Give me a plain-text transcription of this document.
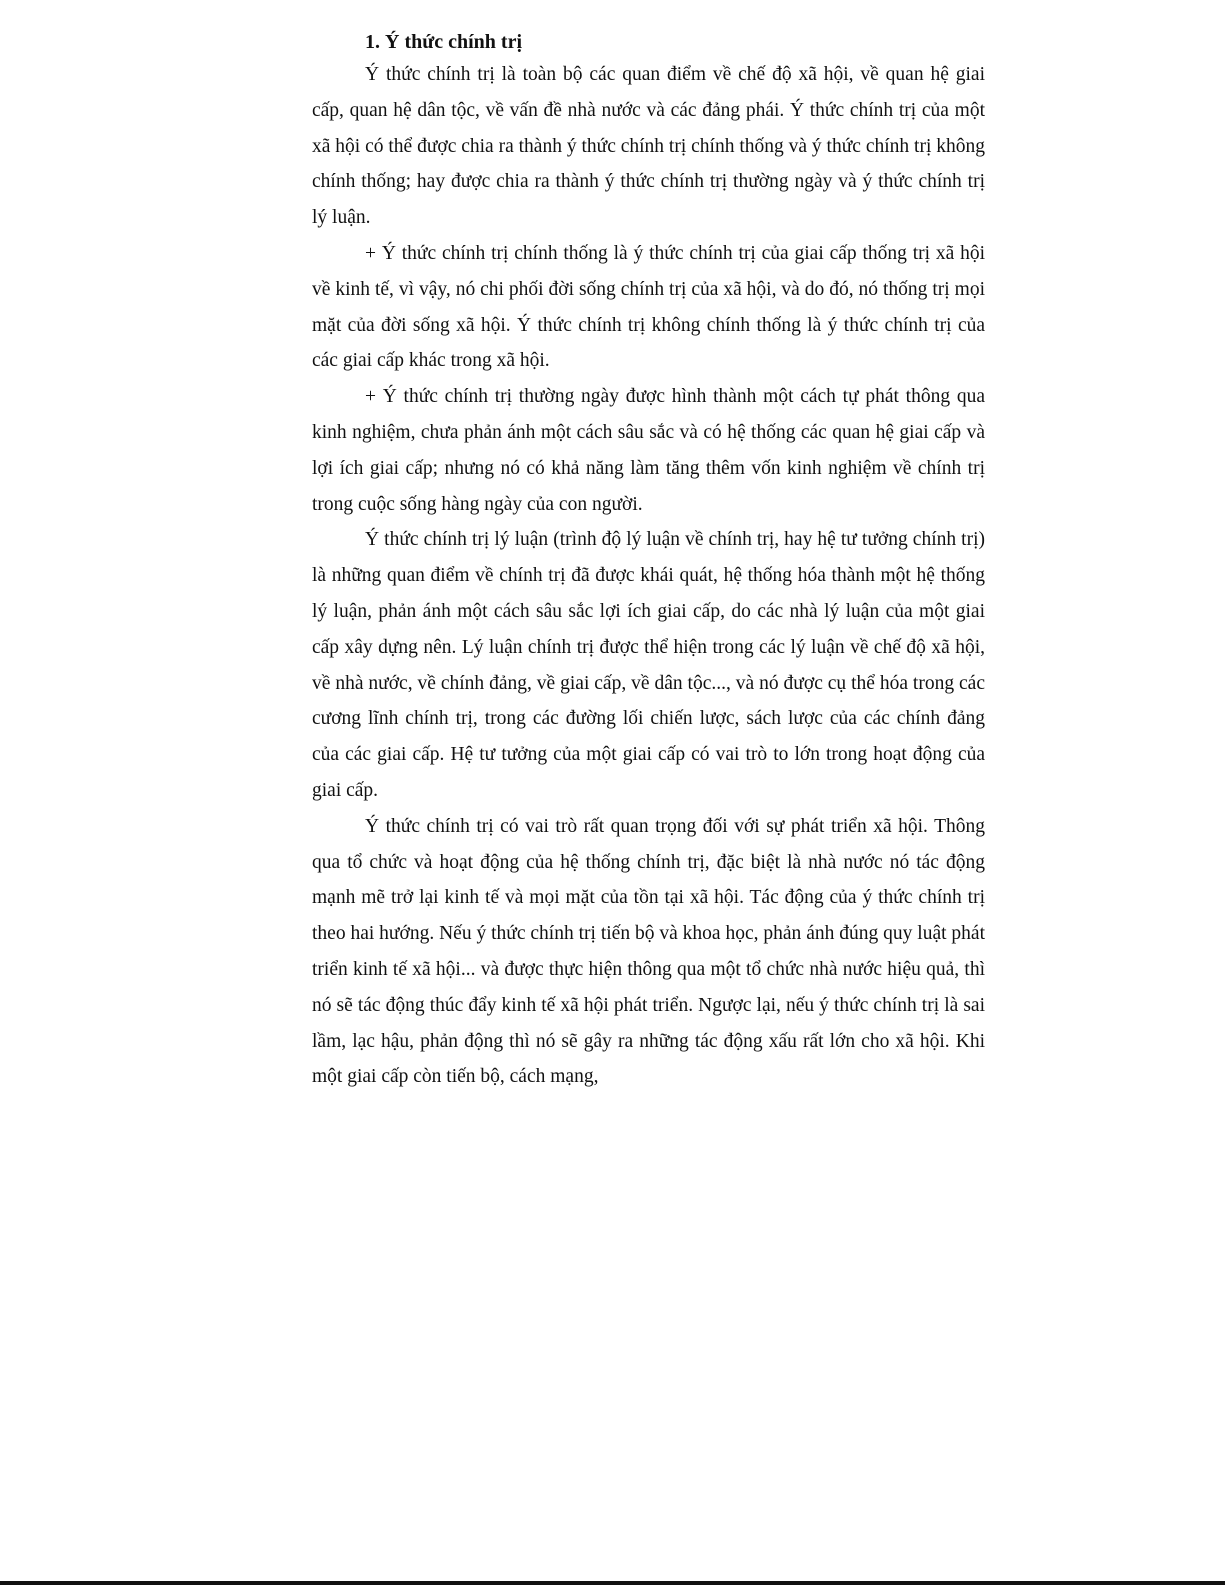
1. Ý thức chính trị

Ý thức chính trị là toàn bộ các quan điểm về chế độ xã hội, về quan hệ giai cấp, quan hệ dân tộc, về vấn đề nhà nước và các đảng phái. Ý thức chính trị của một xã hội có thể được chia ra thành ý thức chính trị chính thống và ý thức chính trị không chính thống; hay được chia ra thành ý thức chính trị thường ngày và ý thức chính trị lý luận.

+ Ý thức chính trị chính thống là ý thức chính trị của giai cấp thống trị xã hội về kinh tế, vì vậy, nó chi phối đời sống chính trị của xã hội, và do đó, nó thống trị mọi mặt của đời sống xã hội. Ý thức chính trị không chính thống là ý thức chính trị của các giai cấp khác trong xã hội.

+ Ý thức chính trị thường ngày được hình thành một cách tự phát thông qua kinh nghiệm, chưa phản ánh một cách sâu sắc và có hệ thống các quan hệ giai cấp và lợi ích giai cấp; nhưng nó có khả năng làm tăng thêm vốn kinh nghiệm về chính trị trong cuộc sống hàng ngày của con người.

Ý thức chính trị lý luận (trình độ lý luận về chính trị, hay hệ tư tưởng chính trị) là những quan điểm về chính trị đã được khái quát, hệ thống hóa thành một hệ thống lý luận, phản ánh một cách sâu sắc lợi ích giai cấp, do các nhà lý luận của một giai cấp xây dựng nên. Lý luận chính trị được thể hiện trong các lý luận về chế độ xã hội, về nhà nước, về chính đảng, về giai cấp, về dân tộc..., và nó được cụ thể hóa trong các cương lĩnh chính trị, trong các đường lối chiến lược, sách lược của các chính đảng của các giai cấp. Hệ tư tưởng của một giai cấp có vai trò to lớn trong hoạt động của giai cấp.

Ý thức chính trị có vai trò rất quan trọng đối với sự phát triển xã hội. Thông qua tổ chức và hoạt động của hệ thống chính trị, đặc biệt là nhà nước nó tác động mạnh mẽ trở lại kinh tế và mọi mặt của tồn tại xã hội. Tác động của ý thức chính trị theo hai hướng. Nếu ý thức chính trị tiến bộ và khoa học, phản ánh đúng quy luật phát triển kinh tế xã hội... và được thực hiện thông qua một tổ chức nhà nước hiệu quả, thì nó sẽ tác động thúc đẩy kinh tế xã hội phát triển. Ngược lại, nếu ý thức chính trị là sai lầm, lạc hậu, phản động thì nó sẽ gây ra những tác động xấu rất lớn cho xã hội. Khi một giai cấp còn tiến bộ, cách mạng,
